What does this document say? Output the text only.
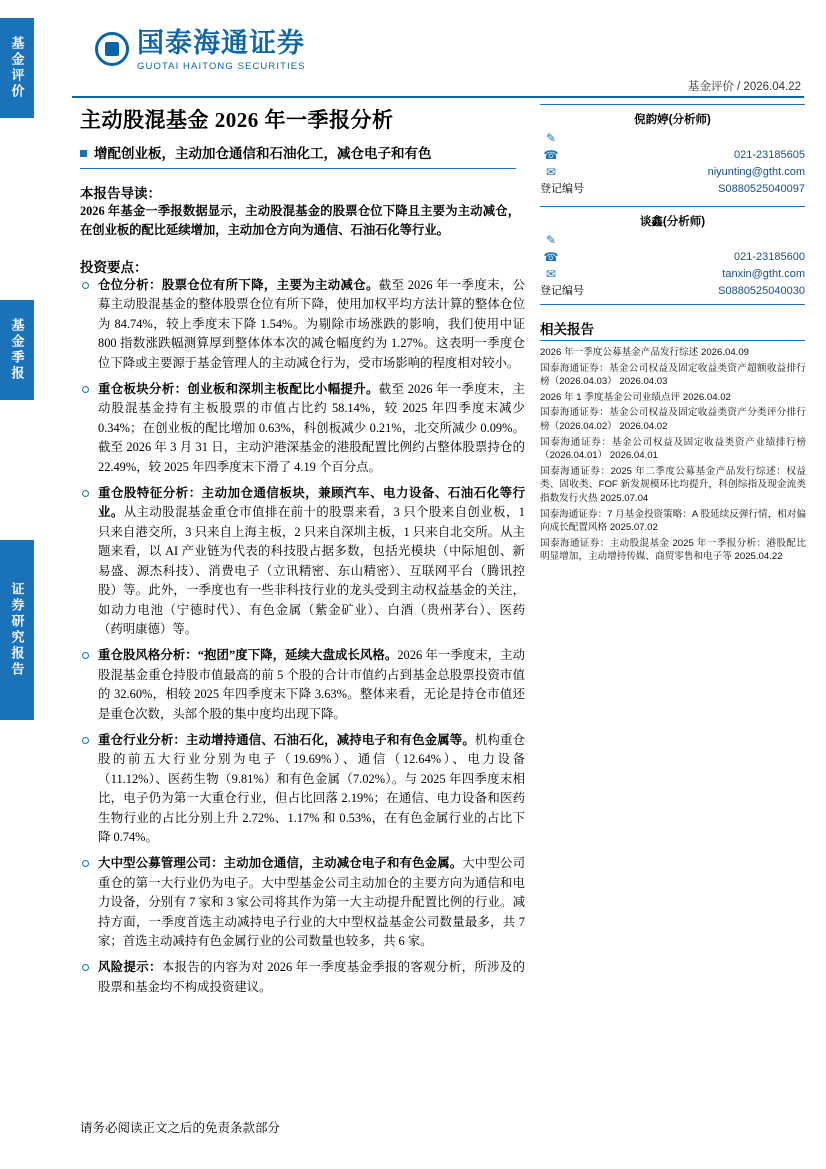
基金评价
基金季报
证券研究报告
国泰海通证券
GUOTAI HAITONG SECURITIES
基金评价 / 2026.04.22
主动股混基金 2026 年一季报分析
增配创业板，主动加仓通信和石油化工，减仓电子和有色
倪韵婷(分析师)
✎
☎	021-23185605
✉	niyunting@gtht.com
登记编号	S0880525040097
谈鑫(分析师)
✎
☎	021-23185600
✉	tanxin@gtht.com
登记编号	S0880525040030
相关报告
2026 年一季度公募基金产品发行综述 2026.04.09
国泰海通证券：基金公司权益及固定收益类资产超额收益排行榜（2026.04.03） 2026.04.03
2026 年 1 季度基金公司业绩点评 2026.04.02
国泰海通证券：基金公司权益及固定收益类资产分类评分排行榜（2026.04.02） 2026.04.02
国泰海通证券：基金公司权益及固定收益类资产业绩排行榜（2026.04.01） 2026.04.01
国泰海通证券：2025 年二季度公募基金产品发行综述：权益类、固收类、FOF 新发规模环比均提升，科创综指及现金流类指数发行火热 2025.07.04
国泰海通证券：7 月基金投资策略：A 股延续反弹行情，相对偏向成长配置风格 2025.07.02
国泰海通证券：主动股混基金 2025 年一季报分析：港股配比明显增加，主动增持传媒、商贸零售和电子等 2025.04.22
本报告导读：
2026 年基金一季报数据显示，主动股混基金的股票仓位下降且主要为主动减仓，在创业板的配比延续增加，主动加仓方向为通信、石油石化等行业。
投资要点：
仓位分析：股票仓位有所下降，主要为主动减仓。截至 2026 年一季度末，公募主动股混基金的整体股票仓位有所下降，使用加权平均方法计算的整体仓位为 84.74%，较上季度末下降 1.54%。为剔除市场涨跌的影响，我们使用中证 800 指数涨跌幅测算厚到整体体本次的减仓幅度约为 1.27%。这表明一季度仓位下降或主要源于基金管理人的主动减仓行为，受市场影响的程度相对较小。
重仓板块分析：创业板和深圳主板配比小幅提升。截至 2026 年一季度末，主动股混基金持有主板股票的市值占比约 58.14%，较 2025 年四季度末减少 0.34%；在创业板的配比增加 0.63%，科创板减少 0.21%，北交所减少 0.09%。截至 2026 年 3 月 31 日，主动沪港深基金的港股配置比例约占整体股票持仓的 22.49%，较 2025 年四季度末下滑了 4.19 个百分点。
重仓股特征分析：主动加仓通信板块，兼顾汽车、电力设备、石油石化等行业。从主动股混基金重仓市值排在前十的股票来看，3 只个股来自创业板，1 只来自港交所，3 只来自上海主板，2 只来自深圳主板，1 只来自北交所。从主题来看，以 AI 产业链为代表的科技股占据多数，包括光模块（中际旭创、新易盛、源杰科技）、消费电子（立讯精密、东山精密）、互联网平台（腾讯控股）等。此外，一季度也有一些非科技行业的龙头受到主动权益基金的关注，如动力电池（宁德时代）、有色金属（紫金矿业）、白酒（贵州茅台）、医药（药明康德）等。
重仓股风格分析：“抱团”度下降，延续大盘成长风格。2026 年一季度末，主动股混基金重仓持股市值最高的前 5 个股的合计市值约占到基金总股票投资市值的 32.60%，相较 2025 年四季度末下降 3.63%。整体来看，无论是持仓市值还是重仓次数，头部个股的集中度均出现下降。
重仓行业分析：主动增持通信、石油石化，减持电子和有色金属等。机构重仓股的前五大行业分别为电子（19.69%）、通信（12.64%）、电力设备（11.12%）、医药生物（9.81%）和有色金属（7.02%）。与 2025 年四季度末相比，电子仍为第一大重仓行业，但占比回落 2.19%；在通信、电力设备和医药生物行业的占比分别上升 2.72%、1.17% 和 0.53%，在有色金属行业的占比下降 0.74%。
大中型公募管理公司：主动加仓通信，主动减仓电子和有色金属。大中型公司重仓的第一大行业仍为电子。大中型基金公司主动加仓的主要方向为通信和电力设备，分别有 7 家和 3 家公司将其作为第一大主动提升配置比例的行业。减持方面，一季度首选主动减持电子行业的大中型权益基金公司数量最多，共 7 家；首选主动减持有色金属行业的公司数量也较多，共 6 家。
风险提示：本报告的内容为对 2026 年一季度基金季报的客观分析，所涉及的股票和基金均不构成投资建议。
请务必阅读正文之后的免责条款部分
